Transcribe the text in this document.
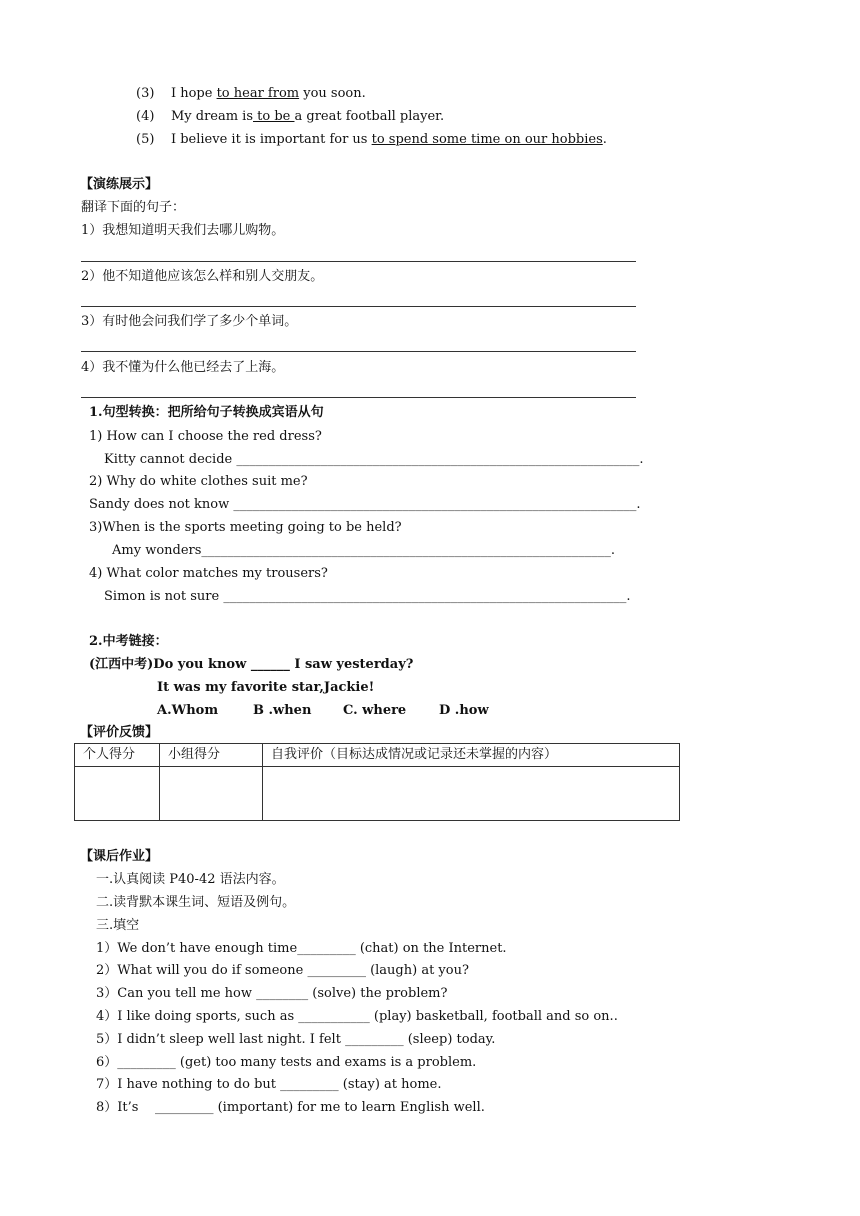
(3) I hope to hear from you soon.
(4) My dream is to be a great football player.
(5) I believe it is important for us to spend some time on our hobbies.
【演练展示】
翻译下面的句子：
1）我想知道明天我们去哪儿购物。
2）他不知道他应该怎么样和别人交朋友。
3）有时他会问我们学了多少个单词。
4）我不懂为什么他已经去了上海。
1.句型转换：把所给句子转换成宾语从句
1) How can I choose the red dress?
Kitty cannot decide ______________________________________________________________.
2) Why do white clothes suit me?
Sandy does not know ______________________________________________________________.
3)When is the sports meeting going to be held?
Amy wonders_______________________________________________________________.
4) What color matches my trousers?
Simon is not sure ______________________________________________________________.
2.中考链接：
(江西中考)Do you know ______ I saw yesterday?
It was my favorite star,Jackie!
A.Whom	B .when C. where	D .how
【评价反馈】
个人得分	小组得分	自我评价（目标达成情况或记录还未掌握的内容）

【课后作业】
一.认真阅读 P40-42 语法内容。
二.读背默本课生词、短语及例句。
三.填空
1）We don’t have enough time_________ (chat) on the Internet.
2）What will you do if someone _________ (laugh) at you?
3）Can you tell me how ________ (solve) the problem?
4）I like doing sports, such as ___________ (play) basketball, football and so on..
5）I didn’t sleep well last night. I felt _________ (sleep) today.
6）_________ (get) too many tests and exams is a problem.
7）I have nothing to do but _________ (stay) at home.
8）It’s    _________ (important) for me to learn English well.
